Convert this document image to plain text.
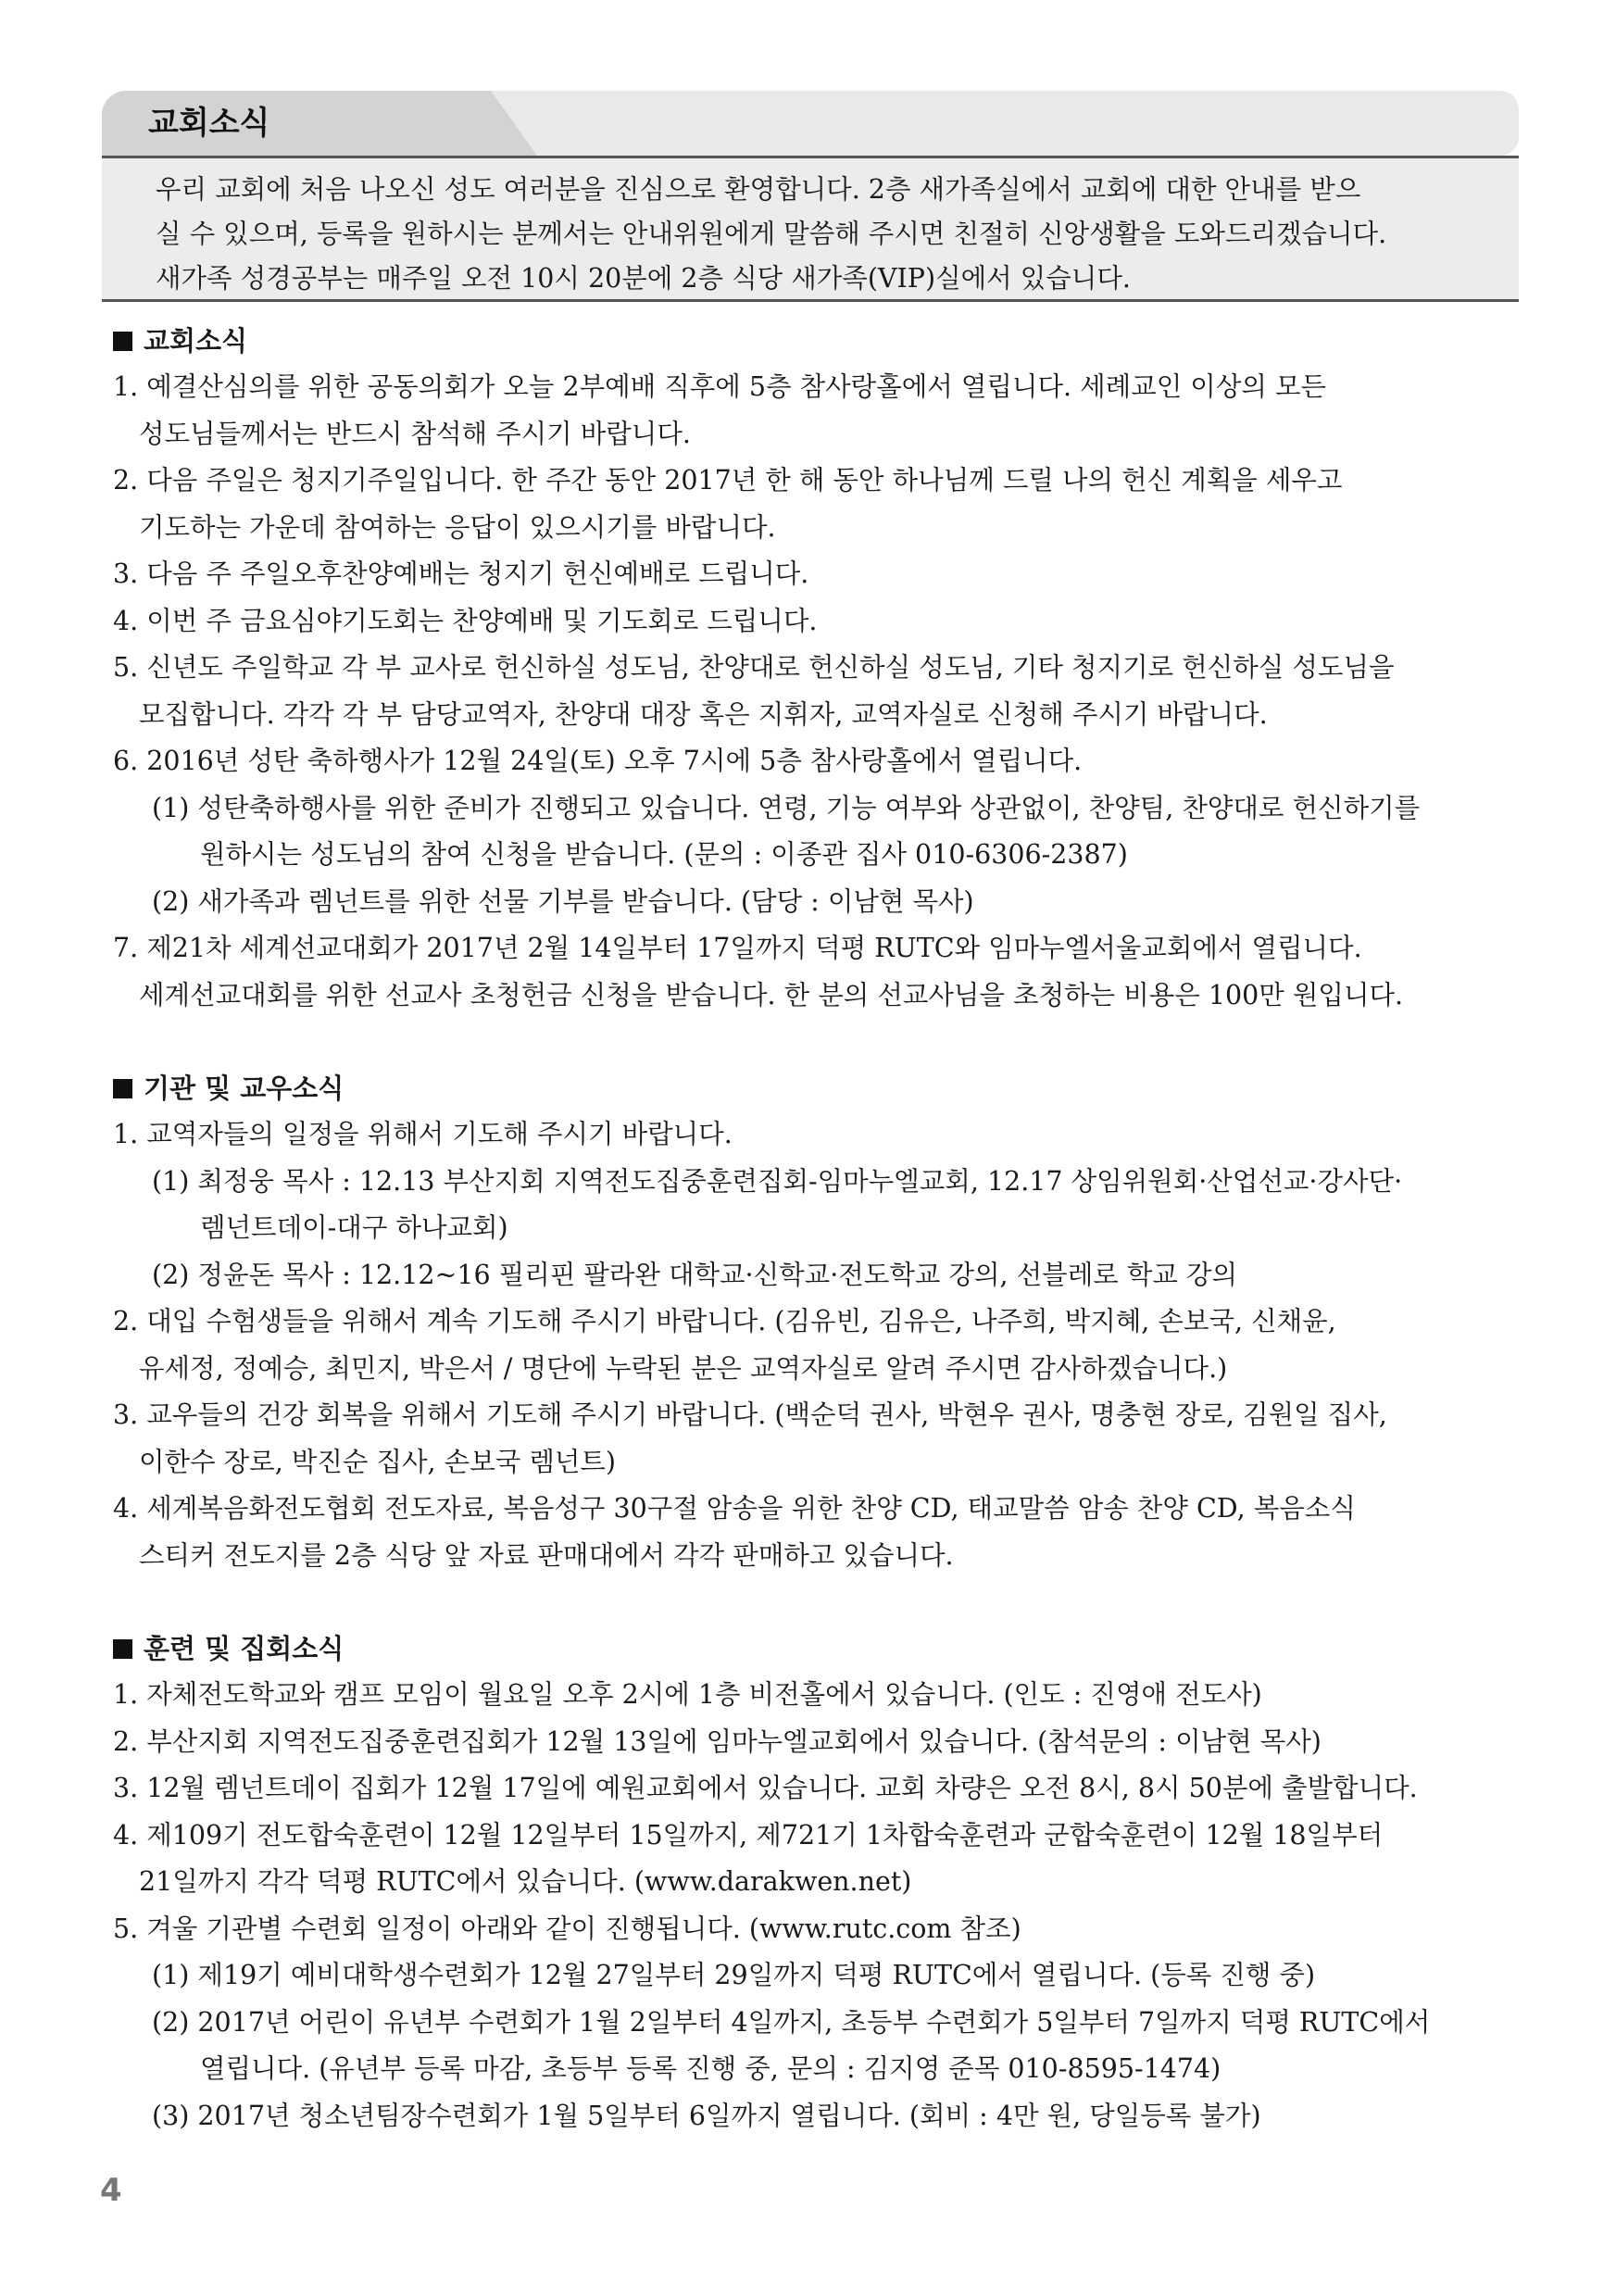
교회소식

우리 교회에 처음 나오신 성도 여러분을 진심으로 환영합니다. 2층 새가족실에서 교회에 대한 안내를 받으

실 수 있으며, 등록을 원하시는 분께서는 안내위원에게 말씀해 주시면 친절히 신앙생활을 도와드리겠습니다.

새가족 성경공부는 매주일 오전 10시 20분에 2층 식당 새가족(VIP)실에서 있습니다.

교회소식
1. 예결산심의를 위한 공동의회가 오늘 2부예배 직후에 5층 참사랑홀에서 열립니다. 세례교인 이상의 모든
성도님들께서는 반드시 참석해 주시기 바랍니다.
2. 다음 주일은 청지기주일입니다. 한 주간 동안 2017년 한 해 동안 하나님께 드릴 나의 헌신 계획을 세우고
기도하는 가운데 참여하는 응답이 있으시기를 바랍니다.
3. 다음 주 주일오후찬양예배는 청지기 헌신예배로 드립니다.
4. 이번 주 금요심야기도회는 찬양예배 및 기도회로 드립니다.
5. 신년도 주일학교 각 부 교사로 헌신하실 성도님, 찬양대로 헌신하실 성도님, 기타 청지기로 헌신하실 성도님을
모집합니다. 각각 각 부 담당교역자, 찬양대 대장 혹은 지휘자, 교역자실로 신청해 주시기 바랍니다.
6. 2016년 성탄 축하행사가 12월 24일(토) 오후 7시에 5층 참사랑홀에서 열립니다.
(1) 성탄축하행사를 위한 준비가 진행되고 있습니다. 연령, 기능 여부와 상관없이, 찬양팀, 찬양대로 헌신하기를
원하시는 성도님의 참여 신청을 받습니다. (문의 : 이종관 집사 010-6306-2387)
(2) 새가족과 렘넌트를 위한 선물 기부를 받습니다. (담당 : 이남현 목사)
7. 제21차 세계선교대회가 2017년 2월 14일부터 17일까지 덕평 RUTC와 임마누엘서울교회에서 열립니다.
세계선교대회를 위한 선교사 초청헌금 신청을 받습니다. 한 분의 선교사님을 초청하는 비용은 100만 원입니다.
기관 및 교우소식
1. 교역자들의 일정을 위해서 기도해 주시기 바랍니다.
(1) 최정웅 목사 : 12.13 부산지회 지역전도집중훈련집회-임마누엘교회, 12.17 상임위원회·산업선교·강사단·
렘넌트데이-대구 하나교회)
(2) 정윤돈 목사 : 12.12~16 필리핀 팔라완 대학교·신학교·전도학교 강의, 선블레로 학교 강의
2. 대입 수험생들을 위해서 계속 기도해 주시기 바랍니다. (김유빈, 김유은, 나주희, 박지혜, 손보국, 신채윤,
유세정, 정예승, 최민지, 박은서 / 명단에 누락된 분은 교역자실로 알려 주시면 감사하겠습니다.)
3. 교우들의 건강 회복을 위해서 기도해 주시기 바랍니다. (백순덕 권사, 박현우 권사, 명충현 장로, 김원일 집사,
이한수 장로, 박진순 집사, 손보국 렘넌트)
4. 세계복음화전도협회 전도자료, 복음성구 30구절 암송을 위한 찬양 CD, 태교말씀 암송 찬양 CD, 복음소식
스티커 전도지를 2층 식당 앞 자료 판매대에서 각각 판매하고 있습니다.
훈련 및 집회소식
1. 자체전도학교와 캠프 모임이 월요일 오후 2시에 1층 비전홀에서 있습니다. (인도 : 진영애 전도사)
2. 부산지회 지역전도집중훈련집회가 12월 13일에 임마누엘교회에서 있습니다. (참석문의 : 이남현 목사)
3. 12월 렘넌트데이 집회가 12월 17일에 예원교회에서 있습니다. 교회 차량은 오전 8시, 8시 50분에 출발합니다.
4. 제109기 전도합숙훈련이 12월 12일부터 15일까지, 제721기 1차합숙훈련과 군합숙훈련이 12월 18일부터
21일까지 각각 덕평 RUTC에서 있습니다. (www.darakwen.net)
5. 겨울 기관별 수련회 일정이 아래와 같이 진행됩니다. (www.rutc.com 참조)
(1) 제19기 예비대학생수련회가 12월 27일부터 29일까지 덕평 RUTC에서 열립니다. (등록 진행 중)
(2) 2017년 어린이 유년부 수련회가 1월 2일부터 4일까지, 초등부 수련회가 5일부터 7일까지 덕평 RUTC에서
열립니다. (유년부 등록 마감, 초등부 등록 진행 중, 문의 : 김지영 준목 010-8595-1474)
(3) 2017년 청소년팀장수련회가 1월 5일부터 6일까지 열립니다. (회비 : 4만 원, 당일등록 불가)
4
